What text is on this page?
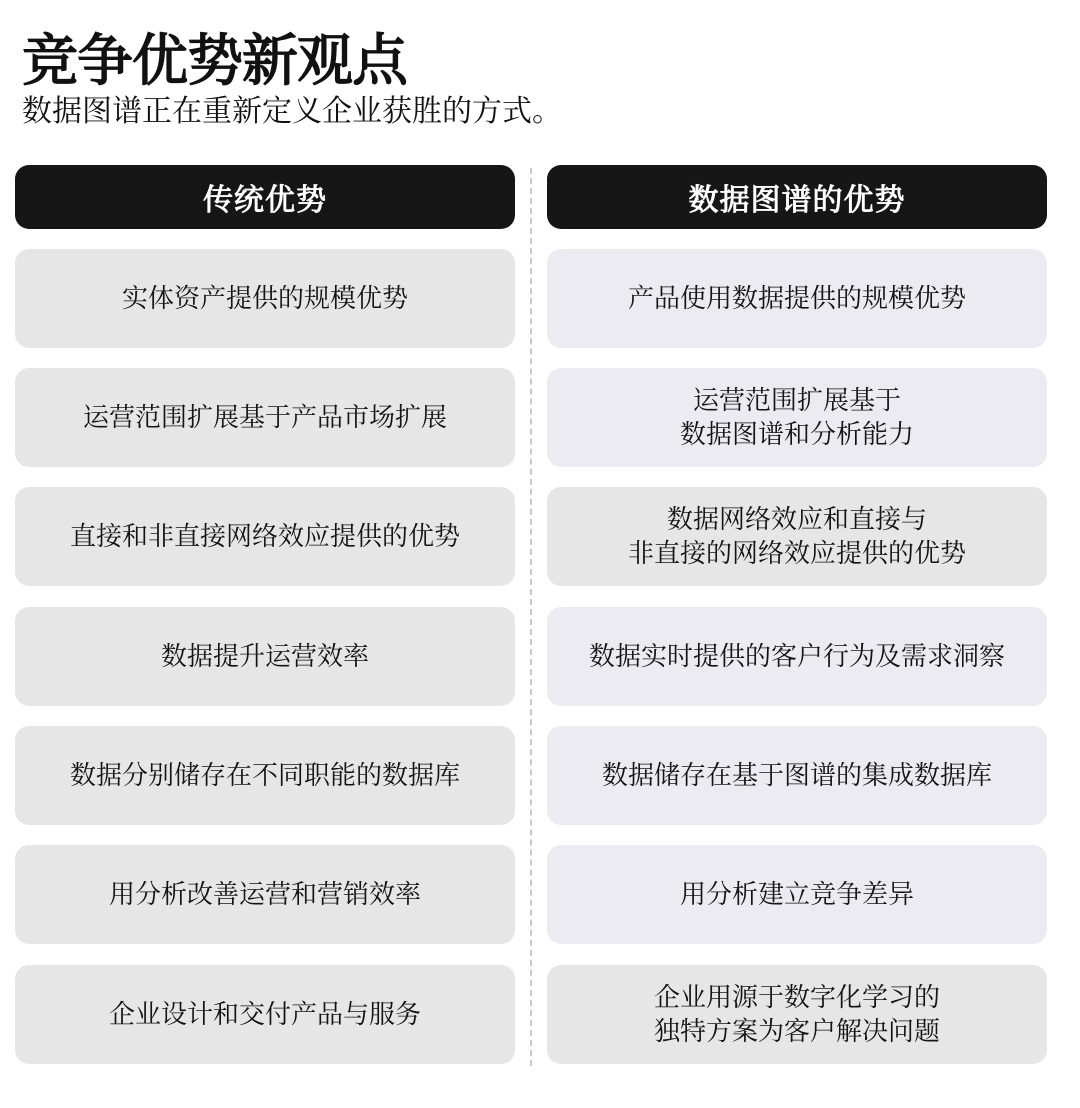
竞争优势新观点
数据图谱正在重新定义企业获胜的方式。
传统优势
实体资产提供的规模优势
运营范围扩展基于产品市场扩展
直接和非直接网络效应提供的优势
数据提升运营效率
数据分别储存在不同职能的数据库
用分析改善运营和营销效率
企业设计和交付产品与服务
数据图谱的优势
产品使用数据提供的规模优势
运营范围扩展基于
数据图谱和分析能力
数据网络效应和直接与
非直接的网络效应提供的优势
数据实时提供的客户行为及需求洞察
数据储存在基于图谱的集成数据库
用分析建立竞争差异
企业用源于数字化学习的
独特方案为客户解决问题
